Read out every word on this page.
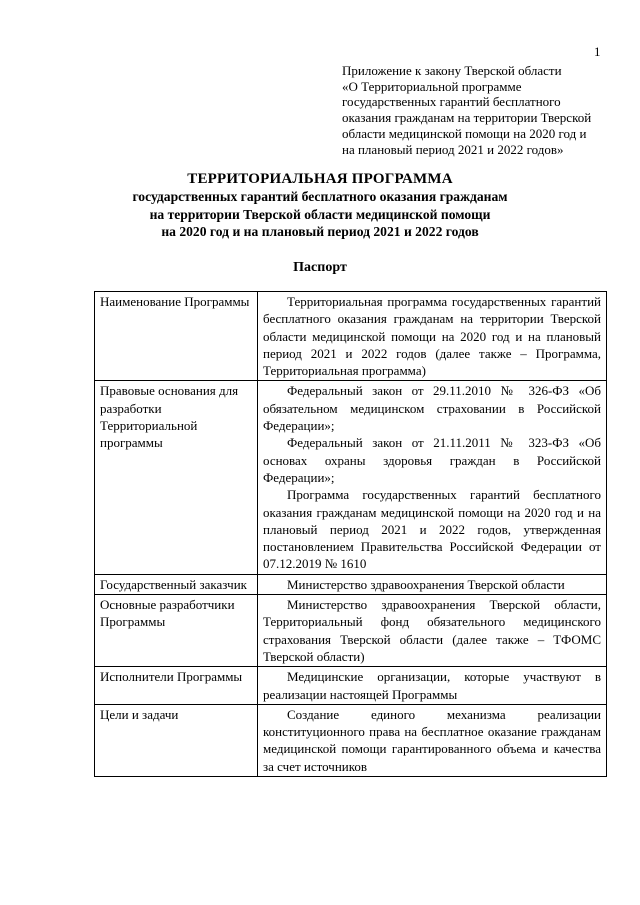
1
Приложение к закону Тверской области
«О Территориальной программе
государственных гарантий бесплатного
оказания гражданам на территории Тверской
области медицинской помощи на 2020 год и
на плановый период 2021 и 2022 годов»
ТЕРРИТОРИАЛЬНАЯ ПРОГРАММА
государственных гарантий бесплатного оказания гражданам
на территории Тверской области медицинской помощи
на 2020 год и на плановый период 2021 и 2022 годов
Паспорт
Наименование Программы	Территориальная программа государственных гарантий бесплатного оказания гражданам на территории Тверской области медицинской помощи на 2020 год и на плановый период 2021 и 2022 годов (далее также – Программа, Территориальная программа)

Правовые основания для разработки Территориальной программы	Федеральный закон от 29.11.2010 № 326-ФЗ «Об обязательном медицинском страховании в Российской Федерации»;
Федеральный закон от 21.11.2011 № 323-ФЗ «Об основах охраны здоровья граждан в Российской Федерации»;
Программа государственных гарантий бесплатного оказания гражданам медицинской помощи на 2020 год и на плановый период 2021 и 2022 годов, утвержденная постановлением Правительства Российской Федерации от 07.12.2019 № 1610

Государственный заказчик	Министерство здравоохранения Тверской области

Основные разработчики Программы	Министерство здравоохранения Тверской области, Территориальный фонд обязательного медицинского страхования Тверской области (далее также – ТФОМС Тверской области)

Исполнители Программы	Медицинские организации, которые участвуют в реализации настоящей Программы

Цели и задачи	Создание единого механизма реализации конституционного права на бесплатное оказание гражданам медицинской помощи гарантированного объема и качества за счет источников
